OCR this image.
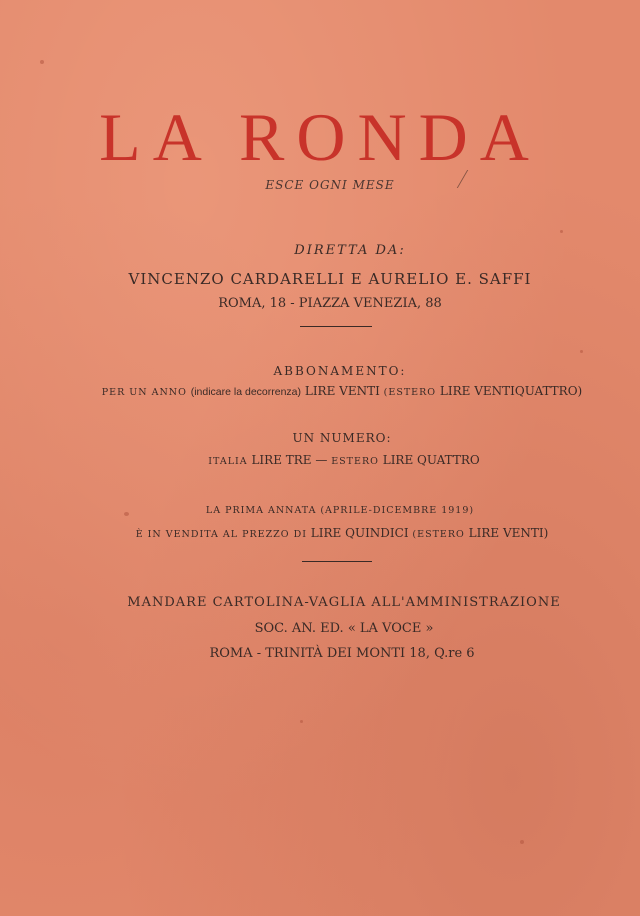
LA RONDA
ESCE OGNI MESE
DIRETTA DA:
VINCENZO CARDARELLI E AURELIO E. SAFFI
ROMA, 18 - PIAZZA VENEZIA, 88
ABBONAMENTO:
PER UN ANNO (indicare la decorrenza) LIRE VENTI (ESTERO LIRE VENTIQUATTRO)
UN NUMERO:
ITALIA LIRE TRE — ESTERO LIRE QUATTRO
LA PRIMA ANNATA (APRILE-DICEMBRE 1919)
È IN VENDITA AL PREZZO DI LIRE QUINDICI (ESTERO LIRE VENTI)
MANDARE CARTOLINA-VAGLIA ALL'AMMINISTRAZIONE
SOC. AN. ED. « LA VOCE »
ROMA - TRINITÀ DEI MONTI 18, Q.re 6
